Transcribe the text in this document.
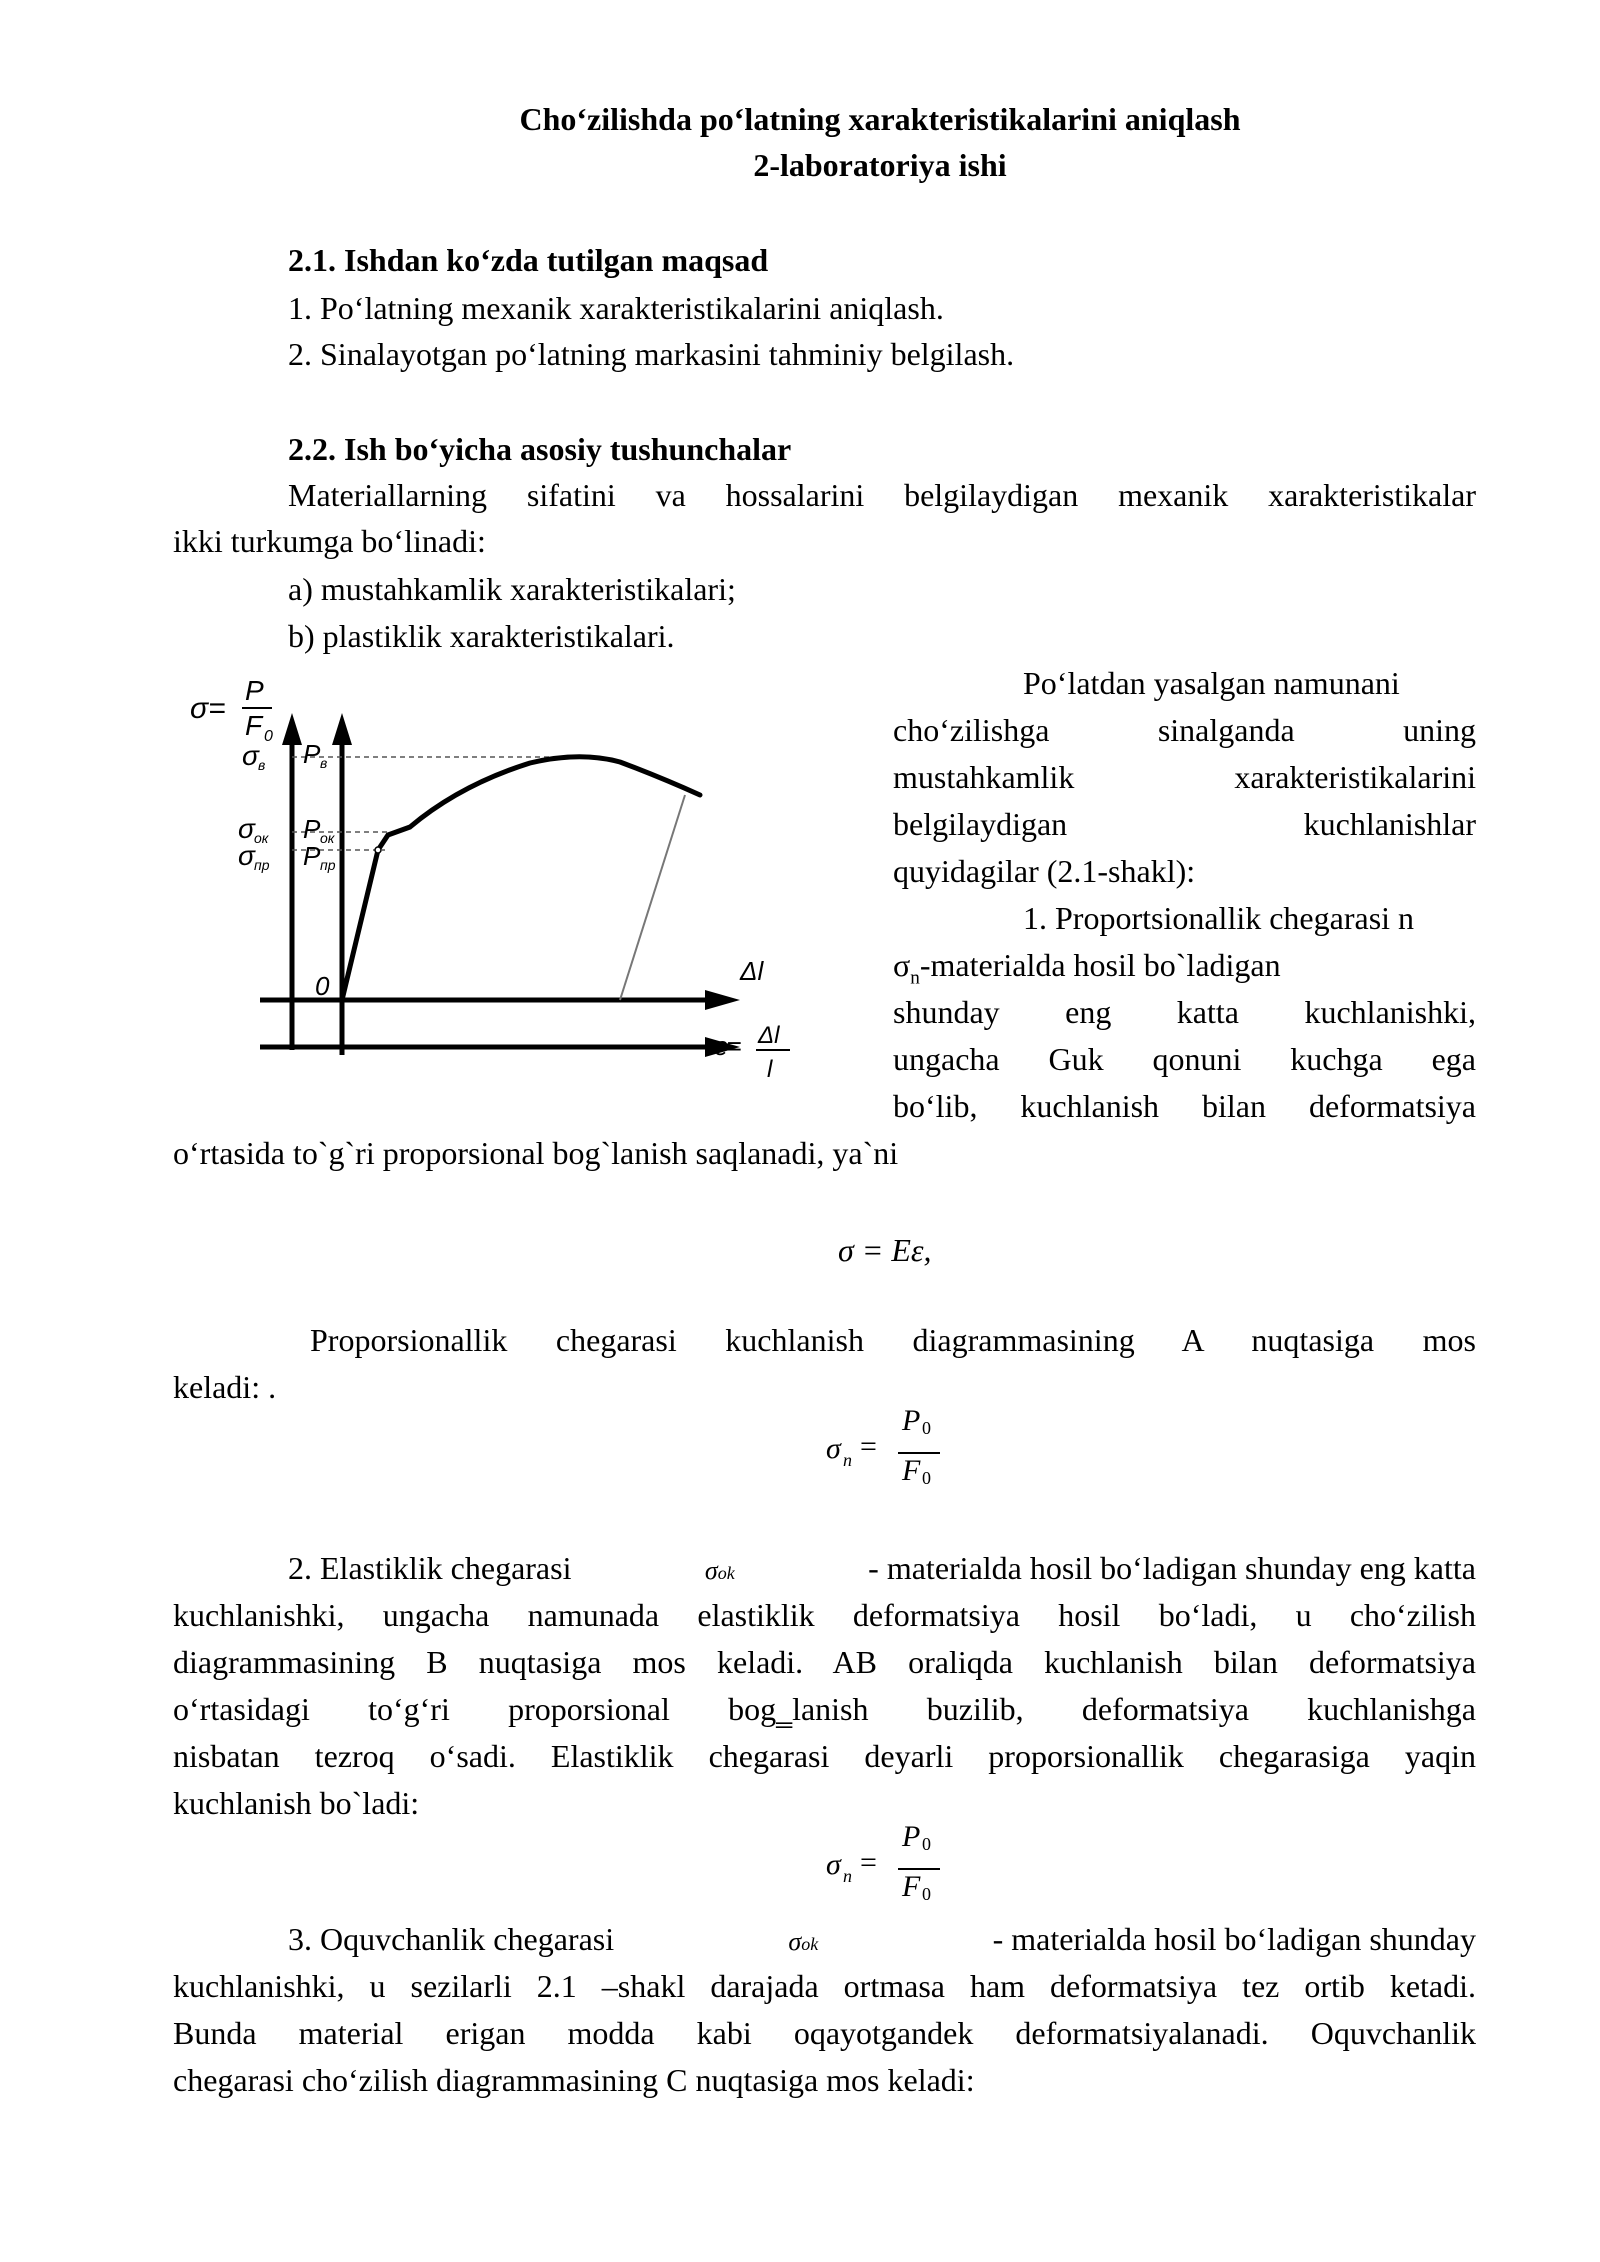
Cho‘zilishda po‘latning xarakteristikalarini aniqlash

2-laboratoriya ishi

2.1. Ishdan ko‘zda tutilgan maqsad

1. Po‘latning mexanik xarakteristikalarini aniqlash.

2. Sinalayotgan po‘latning markasini tahminiy belgilash.

2.2. Ish bo‘yicha asosiy tushunchalar

Materiallarning sifatini va hossalarini belgilaydigan mexanik xarakteristikalar

ikki turkumga bo‘linadi:

a) mustahkamlik xarakteristikalari;

b) plastiklik xarakteristikalari.

Po‘latdan yasalgan namunani

cho‘zilishga sinalganda uning

mustahkamlik xarakteristikalarini

belgilaydigan kuchlanishlar

quyidagilar (2.1-shakl):

1. Proportsionallik chegarasi n

$\sigma_n$-materialda hosil bo`ladigan

shunday eng katta kuchlanishki,

ungacha Guk qonuni kuchga ega

bo‘lib, kuchlanish bilan deformatsiya

o‘rtasida to`g`ri proporsional bog`lanish saqlanadi, ya`ni

σ=
P
F 0
σ в P в
σ ок P ок
σ пр P пр
0	Δl
ε= Δl
l

σ = Eε,

Proporsionallik chegarasi kuchlanish diagrammasining A nuqtasiga mos

keladi: .

σ n =
P 0
F 0

2. Elastiklik chegarasi	σok	- materialda hosil bo‘ladigan shunday eng katta

kuchlanishki, ungacha namunada elastiklik deformatsiya hosil bo‘ladi, u cho‘zilish

diagrammasining B nuqtasiga mos keladi. AB oraliqda kuchlanish bilan deformatsiya

o‘rtasidagi to‘g‘ri proporsional bog‗lanish buzilib, deformatsiya kuchlanishga

nisbatan tezroq o‘sadi. Elastiklik chegarasi deyarli proporsionallik chegarasiga yaqin

kuchlanish bo`ladi:

σ n =
P 0
F 0

3. Oquvchanlik chegarasi	σok	- materialda hosil bo‘ladigan shunday

kuchlanishki, u sezilarli 2.1 –shakl darajada ortmasa ham deformatsiya tez ortib ketadi.

Bunda material erigan modda kabi oqayotgandek deformatsiyalanadi. Oquvchanlik

chegarasi cho‘zilish diagrammasining C nuqtasiga mos keladi:
